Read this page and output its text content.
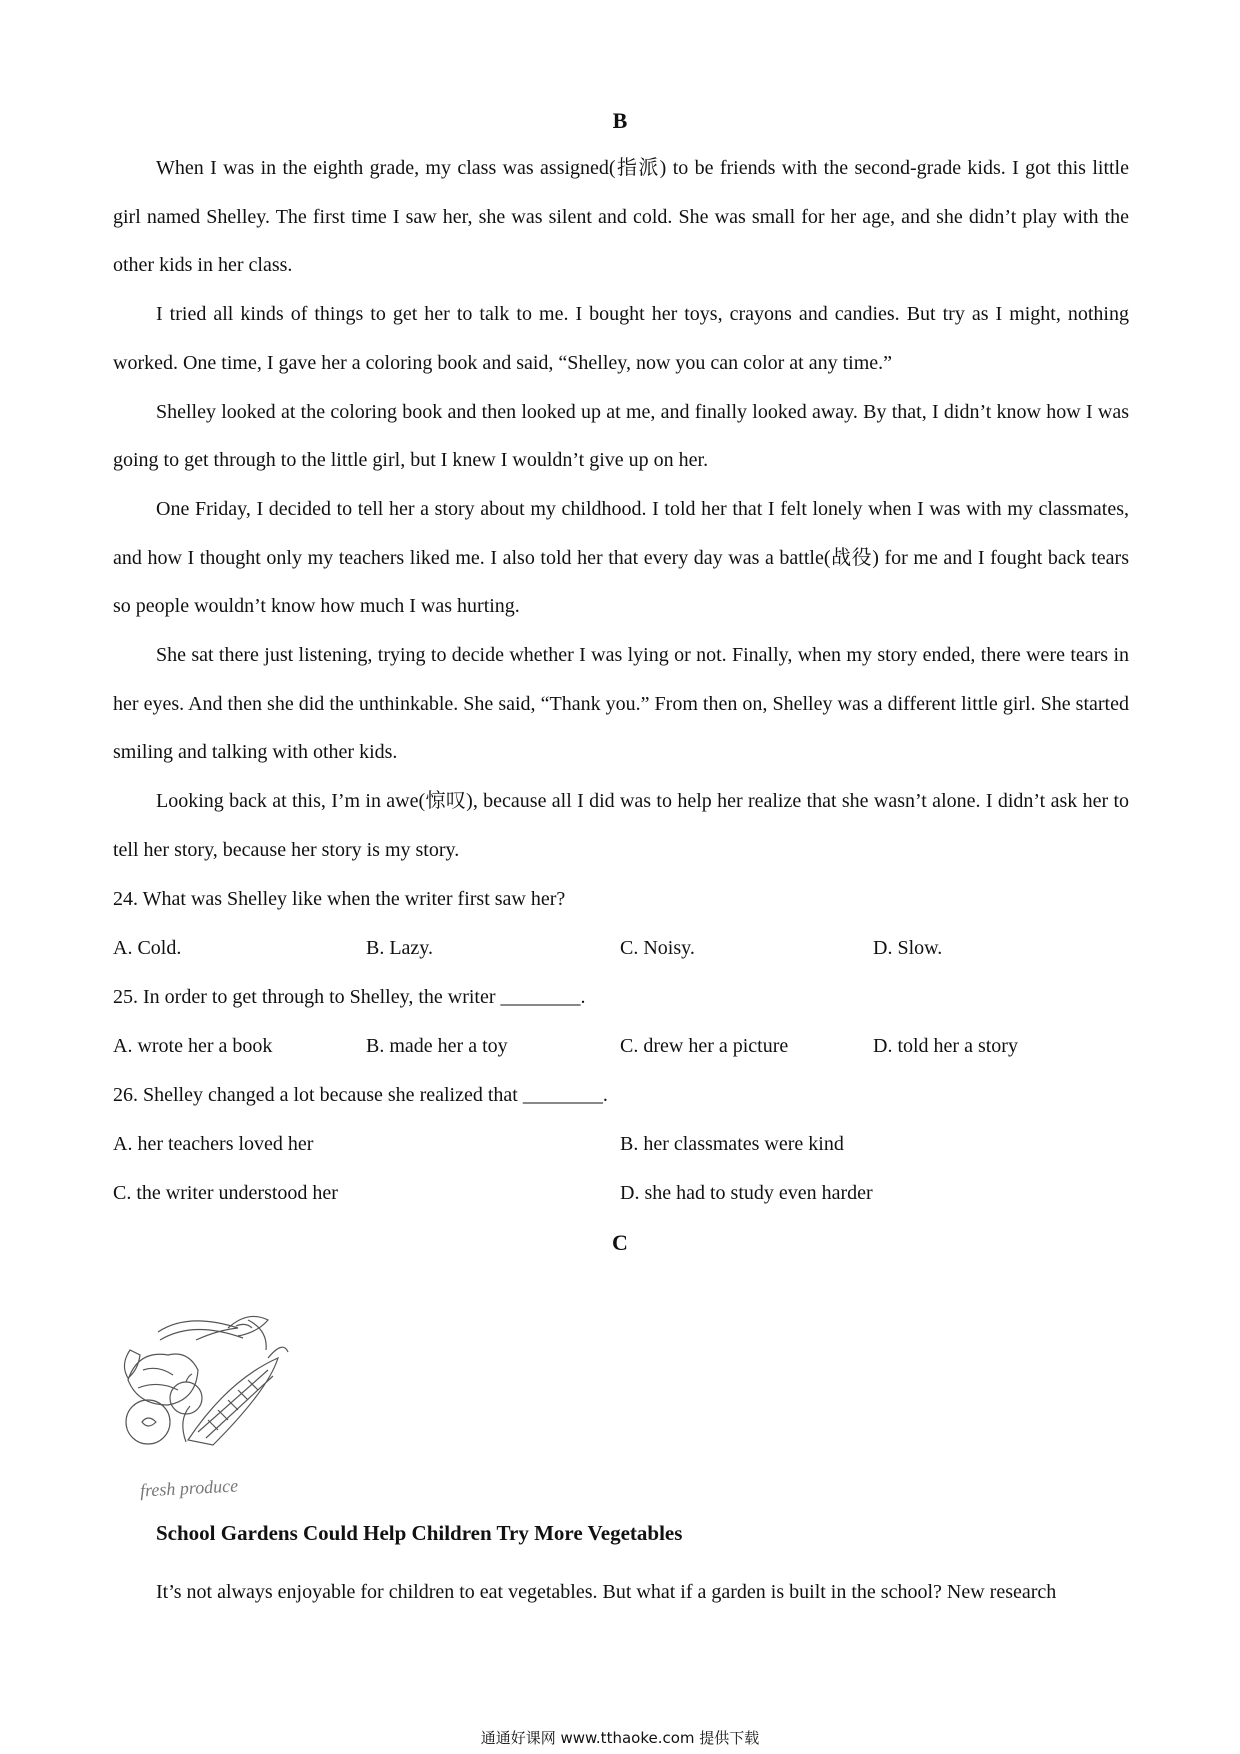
B

When I was in the eighth grade, my class was assigned(指派) to be friends with the second-grade kids. I got this little girl named Shelley. The first time I saw her, she was silent and cold. She was small for her age, and she didn’t play with the other kids in her class.

I tried all kinds of things to get her to talk to me. I bought her toys, crayons and candies. But try as I might, nothing worked. One time, I gave her a coloring book and said, “Shelley, now you can color at any time.”

Shelley looked at the coloring book and then looked up at me, and finally looked away. By that, I didn’t know how I was going to get through to the little girl, but I knew I wouldn’t give up on her.

One Friday, I decided to tell her a story about my childhood. I told her that I felt lonely when I was with my classmates, and how I thought only my teachers liked me. I also told her that every day was a battle(战役) for me and I fought back tears so people wouldn’t know how much I was hurting.

She sat there just listening, trying to decide whether I was lying or not. Finally, when my story ended, there were tears in her eyes. And then she did the unthinkable. She said, “Thank you.” From then on, Shelley was a different little girl. She started smiling and talking with other kids.

Looking back at this, I’m in awe(惊叹), because all I did was to help her realize that she wasn’t alone. I didn’t ask her to tell her story, because her story is my story.

24. What was Shelley like when the writer first saw her?
A. Cold.	B. Lazy.	C. Noisy.	D. Slow.
25. In order to get through to Shelley, the writer ________.
A. wrote her a book	B. made her a toy	C. drew her a picture	D. told her a story
26. Shelley changed a lot because she realized that ________.
A. her teachers loved her	B. her classmates were kind
C. the writer understood her	D. she had to study even harder
C
fresh produce
School Gardens Could Help Children Try More Vegetables

It’s not always enjoyable for children to eat vegetables. But what if a garden is built in the school? New research

通通好课网 www.tthaoke.com 提供下载
